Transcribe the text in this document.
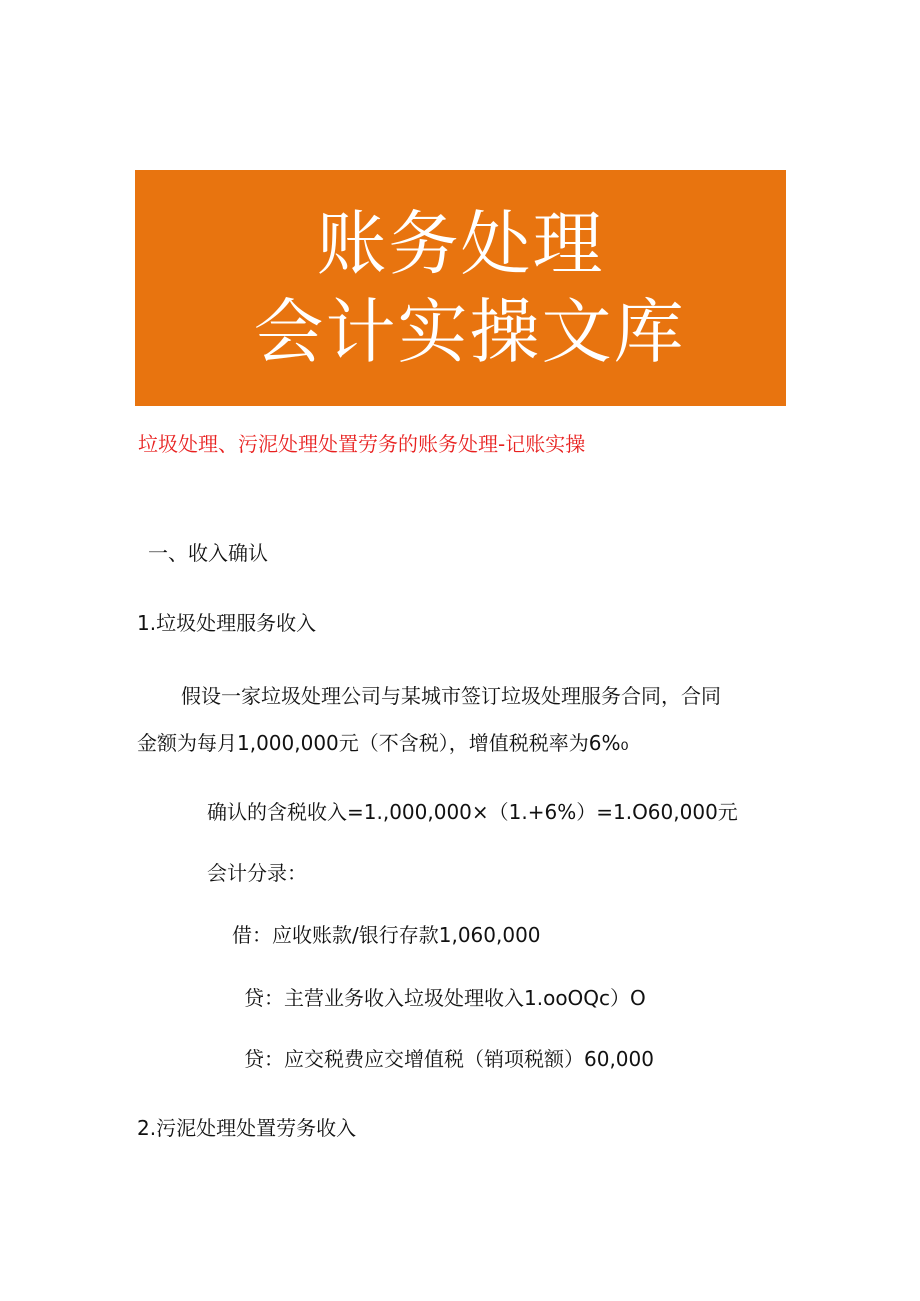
账务处理
会计实操文库
垃圾处理、污泥处理处置劳务的账务处理-记账实操
一、收入确认
1.垃圾处理服务收入
假设一家垃圾处理公司与某城市签订垃圾处理服务合同，合同
金额为每月1,000,000元（不含税），增值税税率为6%₀
确认的含税收入=1.,000,000×（1.+6%）=1.O60,000元
会计分录：
借：应收账款/银行存款1,060,000
贷：主营业务收入垃圾处理收入1.ooOQc）O
贷：应交税费应交增值税（销项税额）60,000
2.污泥处理处置劳务收入
